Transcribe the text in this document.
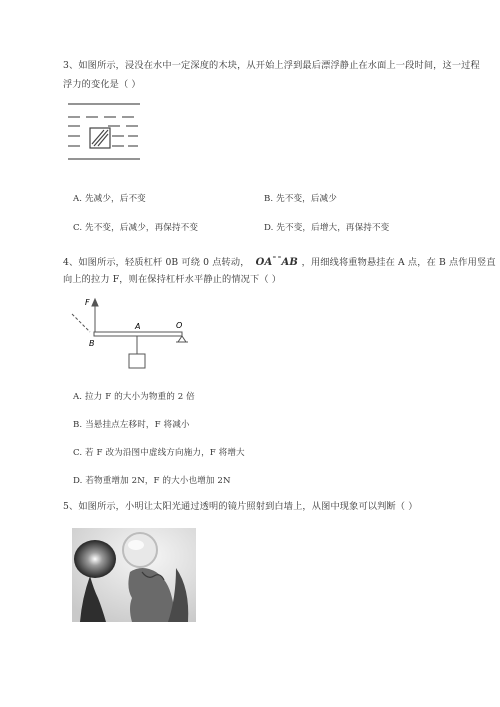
3、如图所示，浸没在水中一定深度的木块，从开始上浮到最后漂浮静止在水面上一段时间，这一过程
浮力的变化是（ ）
A. 先减少，后不变	B. 先不变，后减少
C. 先不变，后减少，再保持不变	D. 先不变，后增大，再保持不变
4、如图所示，轻质杠杆 0B 可绕 0 点转动， OA⁼ ⁼AB ，用细线将重物悬挂在 A 点，在 B 点作用竖直
向上的拉力 F，则在保持杠杆水平静止的情况下（ ）
F
A	O
B
A. 拉力 F 的大小为物重的 2 倍
B. 当悬挂点左移时，F 将减小
C. 若 F 改为沿图中虚线方向施力，F 将增大
D. 若物重增加 2N，F 的大小也增加 2N
5、如图所示，小明让太阳光通过透明的镜片照射到白墙上，从图中现象可以判断（ ）
